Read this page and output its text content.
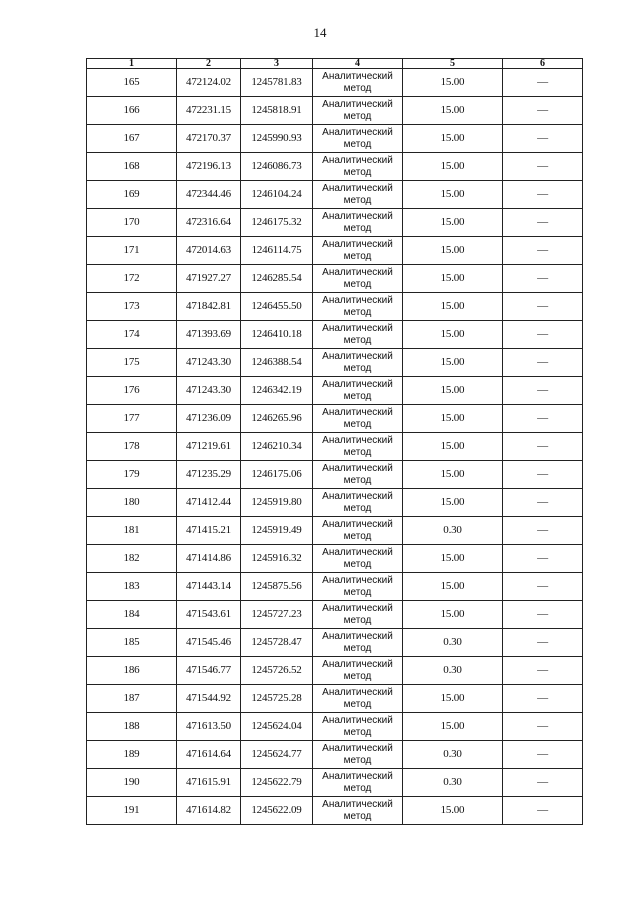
14
1	2	3	4	5	6
165	472124.02	1245781.83	Аналитический метод	15.00	—
166	472231.15	1245818.91	Аналитический метод	15.00	—
167	472170.37	1245990.93	Аналитический метод	15.00	—
168	472196.13	1246086.73	Аналитический метод	15.00	—
169	472344.46	1246104.24	Аналитический метод	15.00	—
170	472316.64	1246175.32	Аналитический метод	15.00	—
171	472014.63	1246114.75	Аналитический метод	15.00	—
172	471927.27	1246285.54	Аналитический метод	15.00	—
173	471842.81	1246455.50	Аналитический метод	15.00	—
174	471393.69	1246410.18	Аналитический метод	15.00	—
175	471243.30	1246388.54	Аналитический метод	15.00	—
176	471243.30	1246342.19	Аналитический метод	15.00	—
177	471236.09	1246265.96	Аналитический метод	15.00	—
178	471219.61	1246210.34	Аналитический метод	15.00	—
179	471235.29	1246175.06	Аналитический метод	15.00	—
180	471412.44	1245919.80	Аналитический метод	15.00	—
181	471415.21	1245919.49	Аналитический метод	0.30	—
182	471414.86	1245916.32	Аналитический метод	15.00	—
183	471443.14	1245875.56	Аналитический метод	15.00	—
184	471543.61	1245727.23	Аналитический метод	15.00	—
185	471545.46	1245728.47	Аналитический метод	0.30	—
186	471546.77	1245726.52	Аналитический метод	0.30	—
187	471544.92	1245725.28	Аналитический метод	15.00	—
188	471613.50	1245624.04	Аналитический метод	15.00	—
189	471614.64	1245624.77	Аналитический метод	0.30	—
190	471615.91	1245622.79	Аналитический метод	0.30	—
191	471614.82	1245622.09	Аналитический метод	15.00	—
